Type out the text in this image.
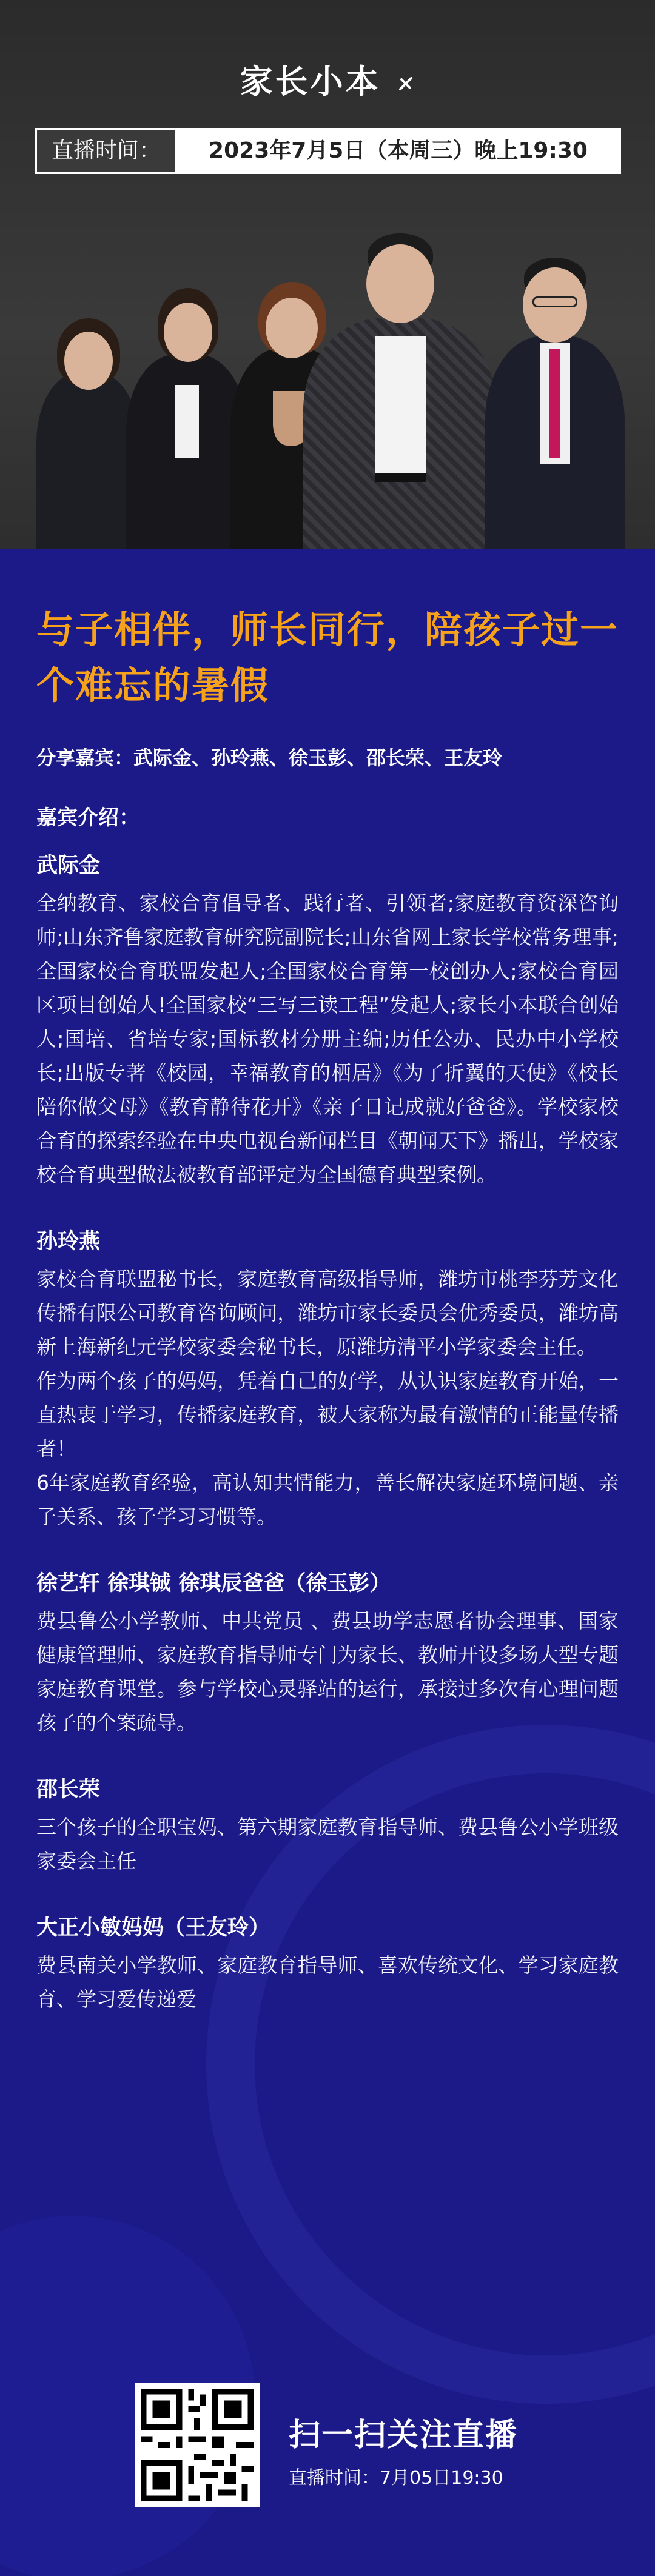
家长小本
直播时间：	2023年7月5日（本周三）晚上19:30
与子相伴，师长同行，陪孩子过一个难忘的暑假
分享嘉宾：武际金、孙玲燕、徐玉彭、邵长荣、王友玲
嘉宾介绍：
武际金
全纳教育、家校合育倡导者、践行者、引领者;家庭教育资深咨询师;山东齐鲁家庭教育研究院副院长;山东省网上家长学校常务理事;全国家校合育联盟发起人;全国家校合育第一校创办人;家校合育园区项目创始人!全国家校“三写三读工程”发起人;家长小本联合创始人;国培、省培专家;国标教材分册主编;历任公办、民办中小学校长;出版专著《校园，幸福教育的栖居》《为了折翼的天使》《校长陪你做父母》《教育静待花开》《亲子日记成就好爸爸》。学校家校合育的探索经验在中央电视台新闻栏目《朝闻天下》播出，学校家校合育典型做法被教育部评定为全国德育典型案例。
孙玲燕
家校合育联盟秘书长，家庭教育高级指导师，潍坊市桃李芬芳文化传播有限公司教育咨询顾问，潍坊市家长委员会优秀委员，潍坊高新上海新纪元学校家委会秘书长，原潍坊清平小学家委会主任。
作为两个孩子的妈妈，凭着自己的好学，从认识家庭教育开始，一直热衷于学习，传播家庭教育，被大家称为最有激情的正能量传播者！
6年家庭教育经验，高认知共情能力，善长解决家庭环境问题、亲子关系、孩子学习习惯等。
徐艺轩 徐琪铖 徐琪辰爸爸（徐玉彭）
费县鲁公小学教师、中共党员 、费县助学志愿者协会理事、国家健康管理师、家庭教育指导师专门为家长、教师开设多场大型专题家庭教育课堂。参与学校心灵驿站的运行，承接过多次有心理问题孩子的个案疏导。
邵长荣
三个孩子的全职宝妈、第六期家庭教育指导师、费县鲁公小学班级家委会主任
大正小敏妈妈（王友玲）
费县南关小学教师、家庭教育指导师、喜欢传统文化、学习家庭教育、学习爱传递爱
扫一扫关注直播
直播时间：7月05日19:30
